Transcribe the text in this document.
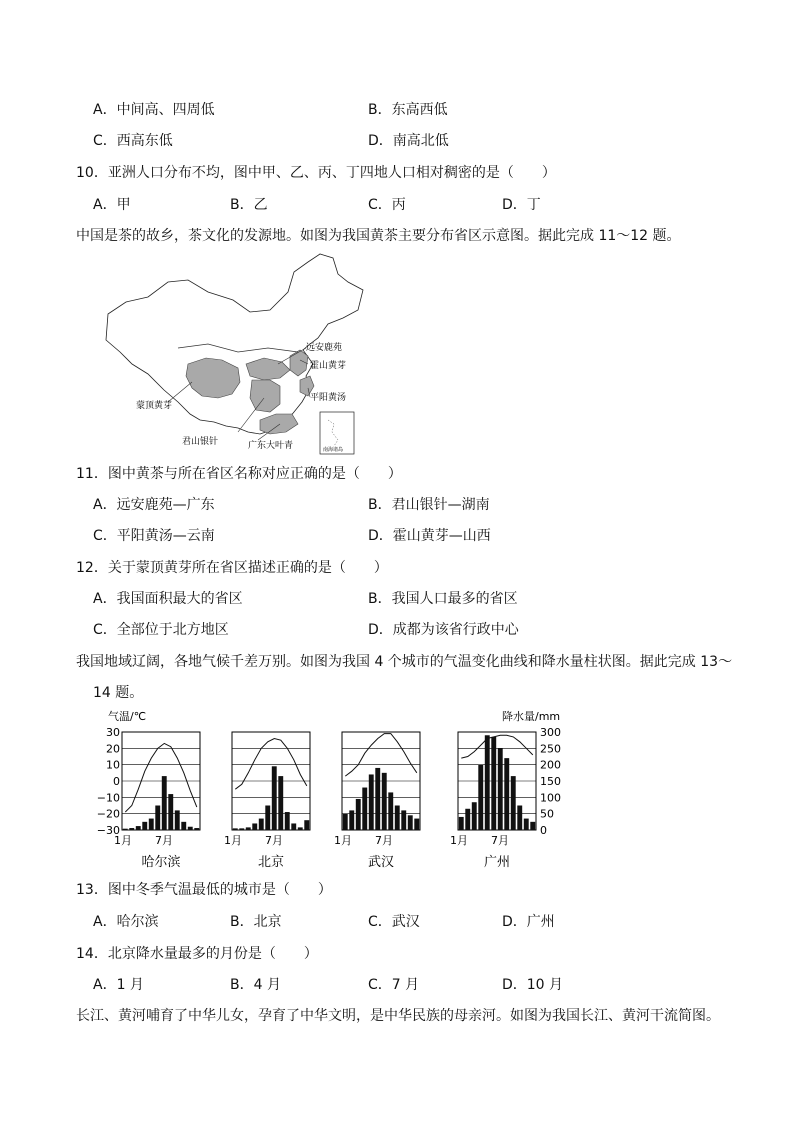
A．中间高、四周低	B．东高西低
C．西高东低	D．南高北低
10．亚洲人口分布不均，图中甲、乙、丙、丁四地人口相对稠密的是（　　）
A．甲	B．乙	C．丙	D．丁
中国是茶的故乡，茶文化的发源地。如图为我国黄茶主要分布省区示意图。据此完成 11～12 题。
远安鹿苑
霍山黄芽
平阳黄汤
蒙顶黄芽
君山银针	广东大叶青	南海诸岛
11．图中黄茶与所在省区名称对应正确的是（　　）
A．远安鹿苑—广东	B．君山银针—湖南
C．平阳黄汤—云南	D．霍山黄芽—山西
12．关于蒙顶黄芽所在省区描述正确的是（　　）
A．我国面积最大的省区	B．我国人口最多的省区
C．全部位于北方地区	D．成都为该省行政中心
我国地域辽阔，各地气候千差万别。如图为我国 4 个城市的气温变化曲线和降水量柱状图。据此完成 13～
14 题。
气温/℃	降水量/mm
30
20
10
0
−10
−20
−30
300
250
200
150
100
50
0
1月 7月
哈尔滨
1月 7月
北京
1月 7月
武汉
1月 7月
广州
13．图中冬季气温最低的城市是（　　）
A．哈尔滨	B．北京	C．武汉	D．广州
14．北京降水量最多的月份是（　　）
A．1 月	B．4 月	C．7 月	D．10 月
长江、黄河哺育了中华儿女，孕育了中华文明，是中华民族的母亲河。如图为我国长江、黄河干流简图。
